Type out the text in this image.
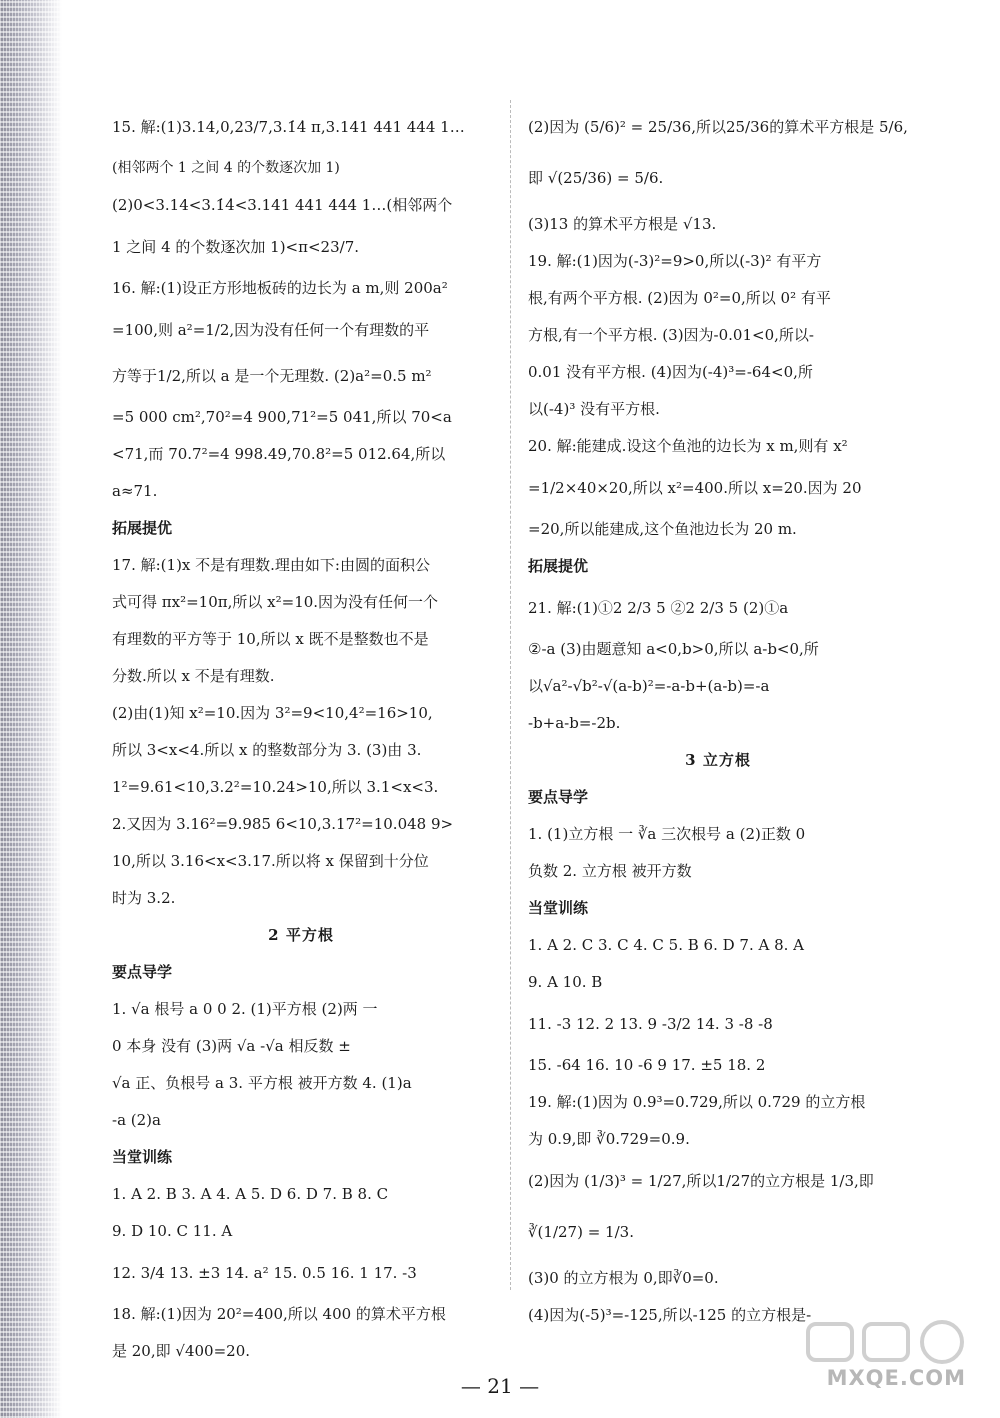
15. 解:(1)3.14,0,23/7,3.1̇4̇ π,3.141 441 444 1…
(相邻两个 1 之间 4 的个数逐次加 1)
(2)0<3.14<3.1̇4̇<3.141 441 444 1…(相邻两个
1 之间 4 的个数逐次加 1)<π<23/7.
16. 解:(1)设正方形地板砖的边长为 a m,则 200a²
=100,则 a²=1/2,因为没有任何一个有理数的平
方等于1/2,所以 a 是一个无理数. (2)a²=0.5 m²
=5 000 cm²,70²=4 900,71²=5 041,所以 70<a
<71,而 70.7²=4 998.49,70.8²=5 012.64,所以
a≈71.
拓展提优
17. 解:(1)x 不是有理数.理由如下:由圆的面积公
式可得 πx²=10π,所以 x²=10.因为没有任何一个
有理数的平方等于 10,所以 x 既不是整数也不是
分数.所以 x 不是有理数.
(2)由(1)知 x²=10.因为 3²=9<10,4²=16>10,
所以 3<x<4.所以 x 的整数部分为 3. (3)由 3.
1²=9.61<10,3.2²=10.24>10,所以 3.1<x<3.
2.又因为 3.16²=9.985 6<10,3.17²=10.048 9>
10,所以 3.16<x<3.17.所以将 x 保留到十分位
时为 3.2.
2 平方根
要点导学
1. √a 根号 a 0 0 2. (1)平方根 (2)两 一
0 本身 没有 (3)两 √a -√a 相反数 ±
√a 正、负根号 a 3. 平方根 被开方数 4. (1)a
-a (2)a
当堂训练
1. A 2. B 3. A 4. A 5. D 6. D 7. B 8. C
9. D 10. C 11. A
12. 3/4 13. ±3 14. a² 15. 0.5 16. 1 17. -3
18. 解:(1)因为 20²=400,所以 400 的算术平方根
是 20,即 √400=20.
(2)因为 (5/6)² = 25/36,所以25/36的算术平方根是 5/6,
即 √(25/36) = 5/6.
(3)13 的算术平方根是 √13.
19. 解:(1)因为(-3)²=9>0,所以(-3)² 有平方
根,有两个平方根. (2)因为 0²=0,所以 0² 有平
方根,有一个平方根. (3)因为-0.01<0,所以-
0.01 没有平方根. (4)因为(-4)³=-64<0,所
以(-4)³ 没有平方根.
20. 解:能建成.设这个鱼池的边长为 x m,则有 x²
=1/2×40×20,所以 x²=400.所以 x=20.因为 20
=20,所以能建成,这个鱼池边长为 20 m.
拓展提优
21. 解:(1)①2 2/3 5 ②2 2/3 5 (2)①a
②-a (3)由题意知 a<0,b>0,所以 a-b<0,所
以√a²-√b²-√(a-b)²=-a-b+(a-b)=-a
-b+a-b=-2b.
3 立方根
要点导学
1. (1)立方根 一 ∛a 三次根号 a (2)正数 0
负数 2. 立方根 被开方数
当堂训练
1. A 2. C 3. C 4. C 5. B 6. D 7. A 8. A
9. A 10. B
11. -3 12. 2 13. 9 -3/2 14. 3 -8 -8
15. -64 16. 10 -6 9 17. ±5 18. 2
19. 解:(1)因为 0.9³=0.729,所以 0.729 的立方根
为 0.9,即 ∛0.729=0.9.
(2)因为 (1/3)³ = 1/27,所以1/27的立方根是 1/3,即
∛(1/27) = 1/3.
(3)0 的立方根为 0,即∛0=0.
(4)因为(-5)³=-125,所以-125 的立方根是-
— 21 —	MXQE.COM
